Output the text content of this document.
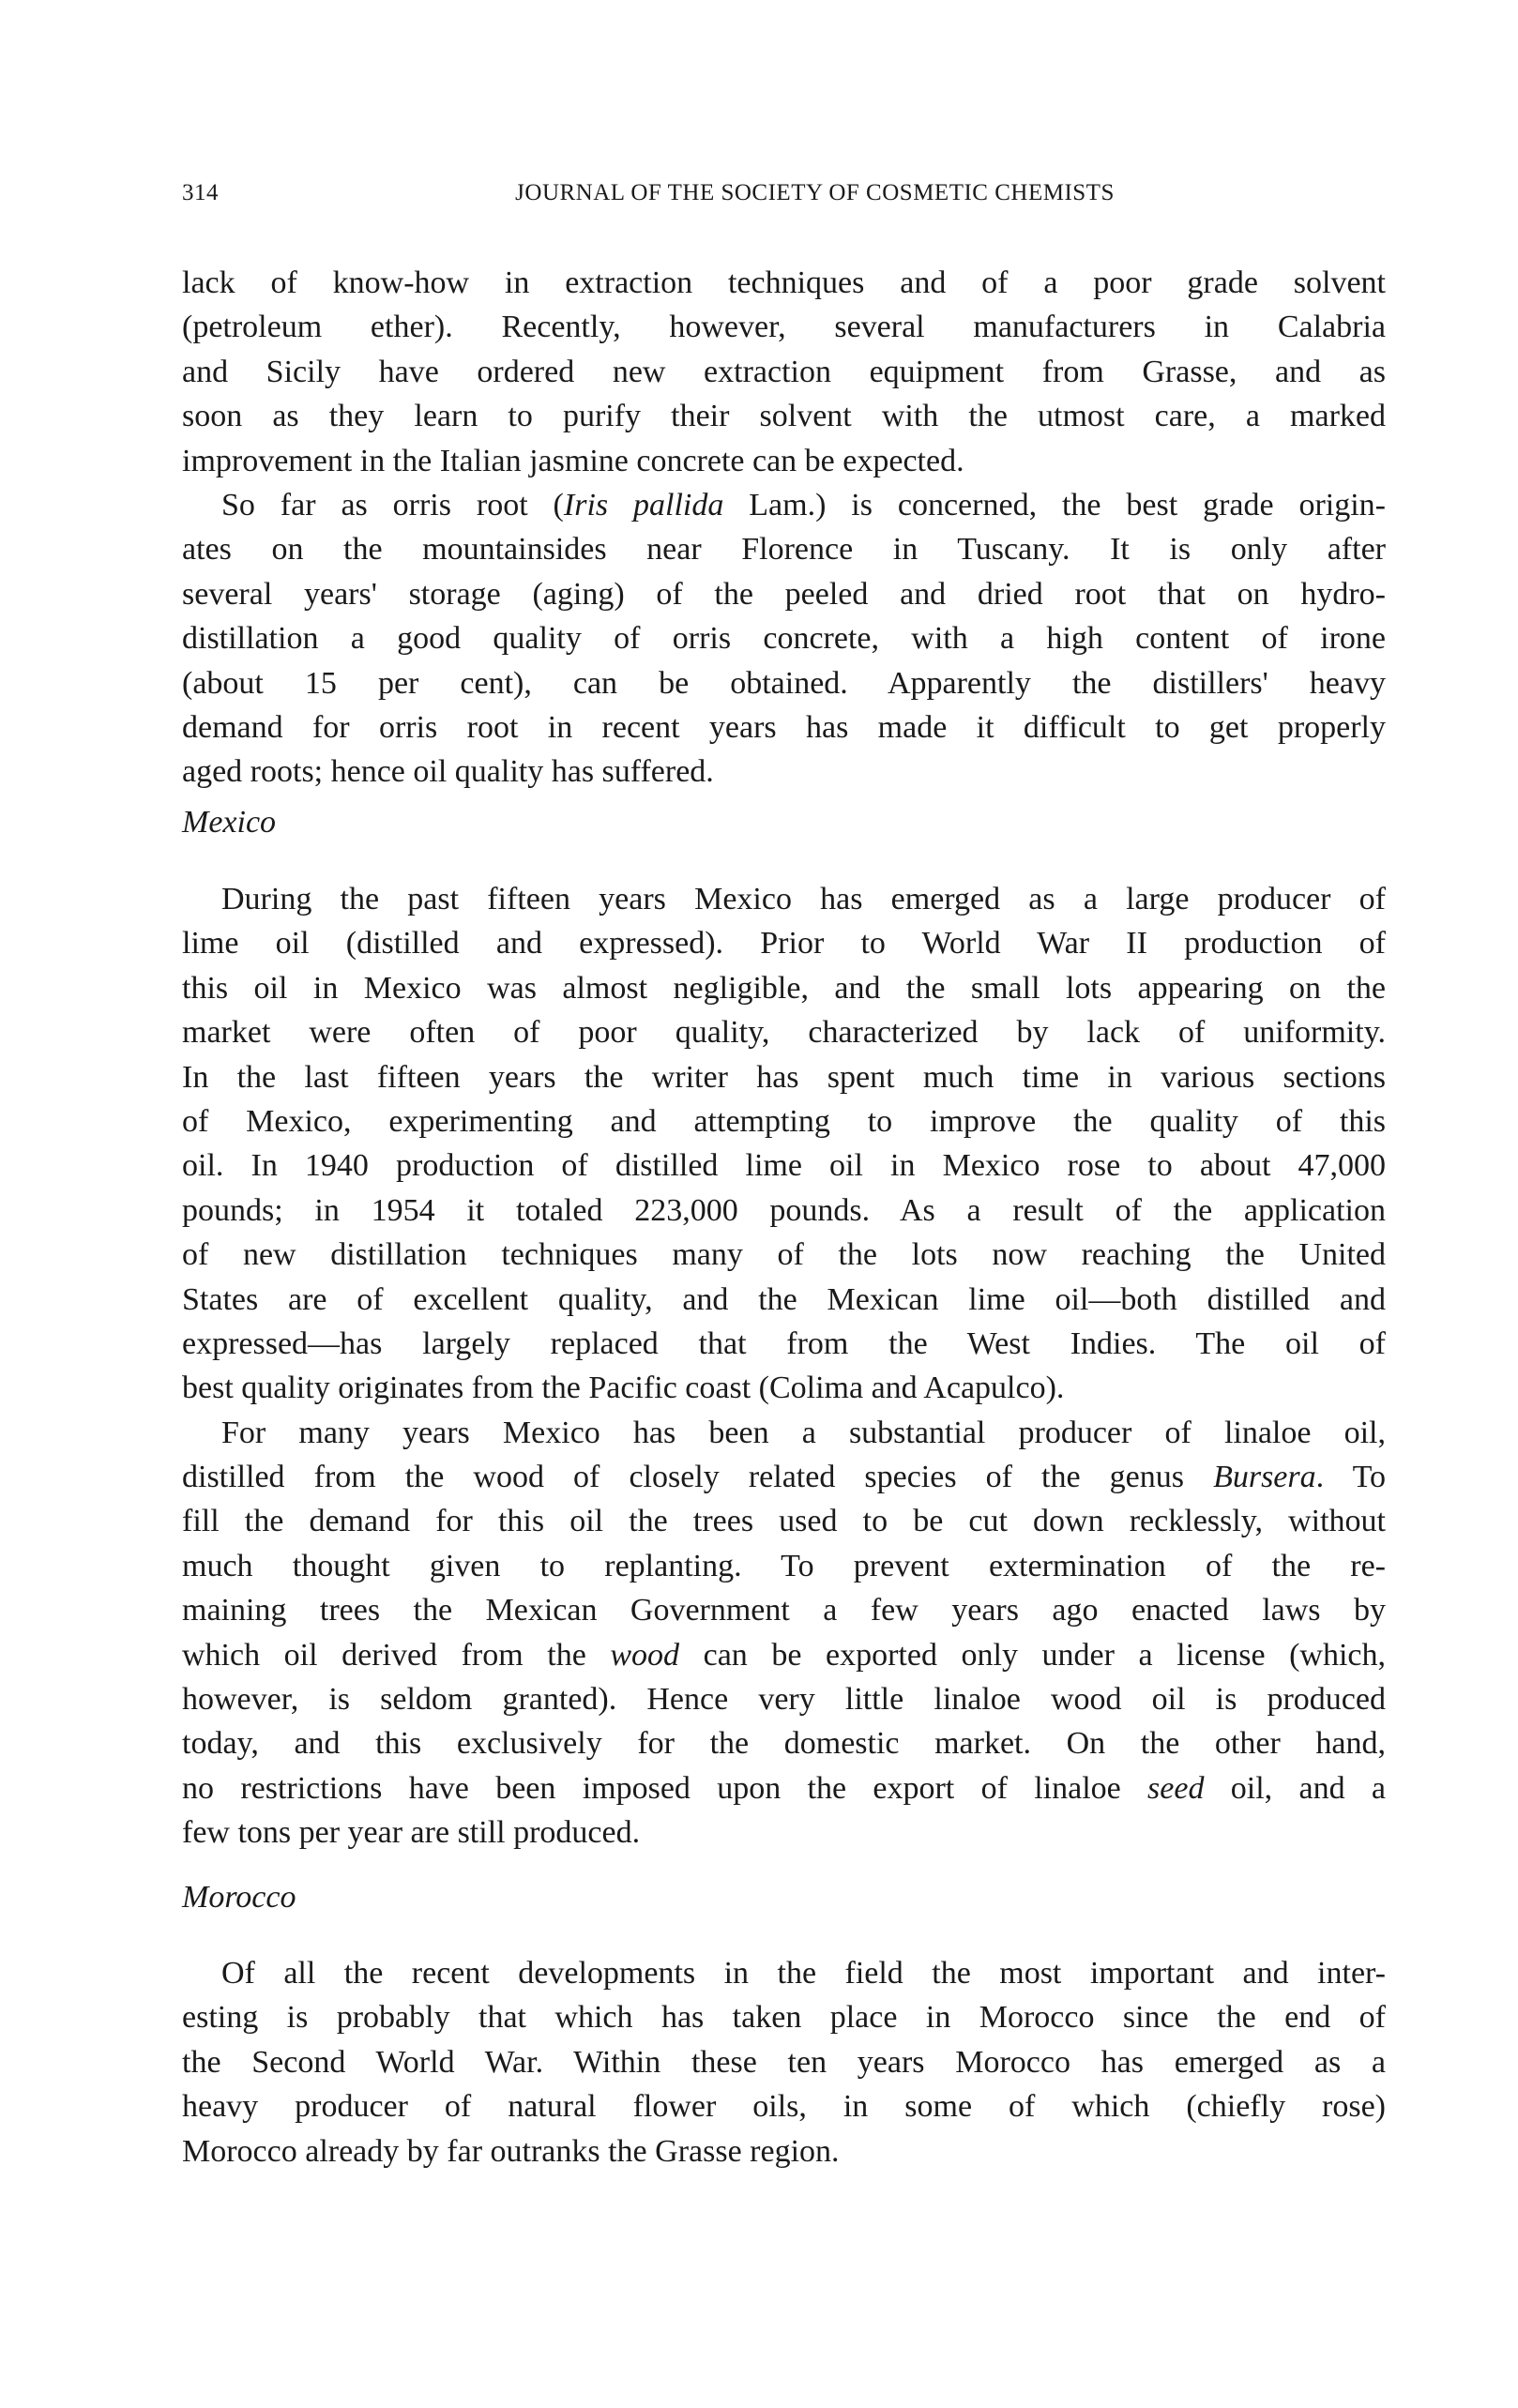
314	JOURNAL OF THE SOCIETY OF COSMETIC CHEMISTS
lack of know-how in extraction techniques and of a poor grade solvent
(petroleum ether). Recently, however, several manufacturers in Calabria
and Sicily have ordered new extraction equipment from Grasse, and as
soon as they learn to purify their solvent with the utmost care, a marked
improvement in the Italian jasmine concrete can be expected.
So far as orris root (Iris pallida Lam.) is concerned, the best grade origin-
ates on the mountainsides near Florence in Tuscany. It is only after
several years' storage (aging) of the peeled and dried root that on hydro-
distillation a good quality of orris concrete, with a high content of irone
(about 15 per cent), can be obtained. Apparently the distillers' heavy
demand for orris root in recent years has made it difficult to get properly
aged roots; hence oil quality has suffered.
Mexico
During the past fifteen years Mexico has emerged as a large producer of
lime oil (distilled and expressed). Prior to World War II production of
this oil in Mexico was almost negligible, and the small lots appearing on the
market were often of poor quality, characterized by lack of uniformity.
In the last fifteen years the writer has spent much time in various sections
of Mexico, experimenting and attempting to improve the quality of this
oil. In 1940 production of distilled lime oil in Mexico rose to about 47,000
pounds; in 1954 it totaled 223,000 pounds. As a result of the application
of new distillation techniques many of the lots now reaching the United
States are of excellent quality, and the Mexican lime oil—both distilled and
expressed—has largely replaced that from the West Indies. The oil of
best quality originates from the Pacific coast (Colima and Acapulco).
For many years Mexico has been a substantial producer of linaloe oil,
distilled from the wood of closely related species of the genus Bursera. To
fill the demand for this oil the trees used to be cut down recklessly, without
much thought given to replanting. To prevent extermination of the re-
maining trees the Mexican Government a few years ago enacted laws by
which oil derived from the wood can be exported only under a license (which,
however, is seldom granted). Hence very little linaloe wood oil is produced
today, and this exclusively for the domestic market. On the other hand,
no restrictions have been imposed upon the export of linaloe seed oil, and a
few tons per year are still produced.
Morocco
Of all the recent developments in the field the most important and inter-
esting is probably that which has taken place in Morocco since the end of
the Second World War. Within these ten years Morocco has emerged as a
heavy producer of natural flower oils, in some of which (chiefly rose)
Morocco already by far outranks the Grasse region.
